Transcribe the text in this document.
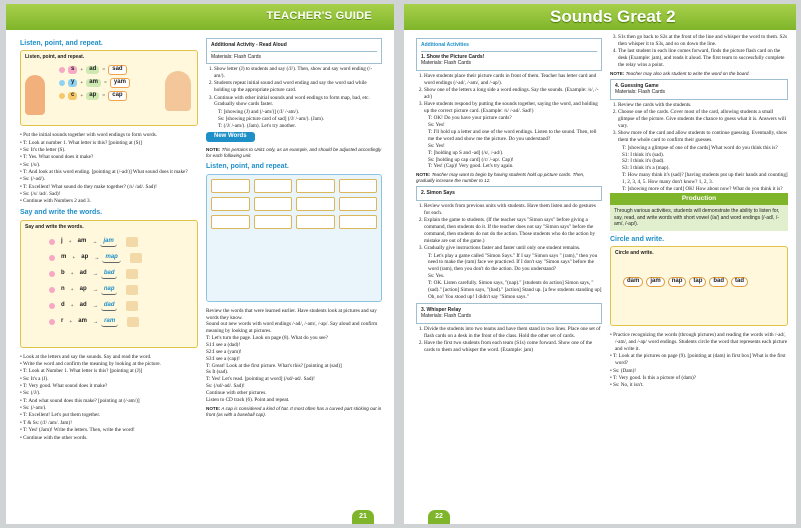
TEACHER'S GUIDE
Listen, point, and repeat.
Listen, point, and repeat.
s	+	ad	=	sad
y	+	am	=	yam
c	+	ap	=	cap
• Put the initial sounds together with word endings to form words.
• T: Look at number 1. What letter is this? [pointing at (S)]
• Ss: It's the letter (S).
• T: Yes. What sound does it make?
• Ss: (/s/).
• T: And look at this word ending. [pointing at (/-ad/)] What sound does it make?
• Ss: (/-ad/).
• T: Excellent! What sound do they make together? (/s/ /ad/. Sad)!
• Ss: (/s/ /ad/. Sad)!
• Continue with Numbers 2 and 3.
Say and write the words.
Say and write the words.
j	+	am	→	jam
m	+	ap	→	map
b	+	ad	→	bad
n	+	ap	→	nap
d	+	ad	→	dad
r	+	am	→	ram
• Look at the letters and say the sounds. Say and read the word.
• Write the word and confirm the meaning by looking at the picture.
• T: Look at Number 1. What letter is this? [pointing at (J)]
• Ss: It's a (J).
• T: Very good. What sound does it make?
• Ss: (/J/).
• T: And what sound does this make? [pointing at (/-am/)]
• Ss: (/-am/).
• T: Excellent! Let's put them together.
• T & Ss: (/J/ /am/. Jam)!
• T: Yes! (Jam)! Write the letters. Then, write the word!
• Continue with the other words.
Additional Activity - Read Aloud
Materials: Flash Cards
1. Show letter (J) to students and say (/J/). Then, show and say word ending (/-am/).
2. Students repeat initial sound and word ending and say the word sad while holding up the appropriate picture card.
3. Continue with other initial sounds and word endings to form map, bad, etc. Gradually show cards faster.
T: [showing (J) and (/-am/)] (/J/ /-am/).
Ss: [showing picture card of sad] (/J/ /-am/). (Jam).
T: (/J/ /-am/). (Jam). Let's try another.
New Words
NOTE: This pertains to Unit1 only, as an example, and should be adjusted accordingly for each following unit.
Listen, point, and repeat.
Review the words that were learned earlier. Have students look at pictures and say words they know.
Sound out new words with word endings /-ad/, /-am/, /-ap/. Say aloud and confirm meaning by looking at pictures.
T: Let's turn the page. Look on page (8). What do you see?
S1:I see a (dad)!
S2:I see a (yam)!
S3:I see a (cap)!
T: Great! Look at the first picture. What's this? [pointing at (sad)]
Ss It (sad).
T: Yes! Let's read. [pointing at word] (/sd/-ad/. Sad)!
Ss: (/sd/-ad/. Sad)!
Continue with other pictures.
Listen to CD track (6). Point and repeat.
NOTE: A cap is considered a kind of hat. It most often has a curved part sticking out in front (as with a baseball cap).
21
Sounds Great 2
Additional Activities
1. Show the Picture Cards!
Materials: Flash Cards
1. Have students place their picture cards in front of them. Teacher has letter card and word endings (/-ad/, /-am/, and /-ap/).
2. Show one of the letters a long side a word endings. Say the sounds. (Example: /s/, /-ad/)
3. Have students respond by putting the sounds together, saying the word, and holding up the correct picture card. (Example: /s/ /-ad/. Sad!)
T: OK! Do you have your picture cards?
Ss: Yes!
T: I'll hold up a letter and one of the word endings. Listen to the sound. Then, tell me the word and show me the picture. Do you understand?
Ss: Yes!
T: [holding up S and -ad] (/s/, /-ad/).
Ss: [holding up cap card] (/c/ /-ap/. Cap)!
T: Yes! (Cap)! Very good. Let's try again.
NOTE: Teacher may want to begin by having students hold up picture cards. Then, gradually increase the number to 12.
2. Simon Says
1. Review words from previous units with students. Have them listen and do gestures for each.
2. Explain the game to students. (If the teacher says "Simon says" before giving a command, then students do it. If the teacher does not say "Simon says" before the command, then students do not do the action. Those students who do the action by mistake are out of the game.)
3. Gradually give instructions faster and faster until only one student remains.
T: Let's play a game called "Simon Says." If I say "Simon says " (ram)," then you need to make the (ram) face we practiced. If I don't say "Simon says" before the word (ram), then you don't do the action. Do you understand?
Ss: Yes.
T: OK. Listen carefully. Simon says, "(nap)." [students do action] Simon says, "(sad)." [action] Simon says, "(bad)." [action] Stand up. [a few students standing up] Oh, no! You stood up! I didn't say "Simon says."
3. Whisper Relay
Materials: Flash Cards
1. Divide the students into two teams and have them stand in two lines. Place one set of flash cards on a desk in the front of the class. Hold the other set of cards.
2. Have the first two students from each team (S1s) come forward. Show one of the cards to them and whisper the word. (Example: jam)
3. S1s then go back to S2s at the front of the line and whisper the word to them. S2s then whisper it to S3s, and so on down the line.
4. The last student in each line comes forward, finds the picture flash card on the desk (Example: jam), and reads it aloud. The first team to successfully complete the relay wins a point.
NOTE: Teacher may also ask student to write the word on the board.
4. Guessing Game
Materials: Flash Cards
1. Review the cards with the students.
2. Choose one of the cards. Cover most of the card, allowing students a small glimpse of the picture. Give students the chance to guess what it is. Answers will vary.
3. Show more of the card and allow students to continue guessing. Eventually, show them the whole card to confirm their guesses.
T: [showing a glimpse of one of the cards] What word do you think this is?
S1: I think it's (sad).
S2: I think it's (bad).
S3: I think it's a (map).
T: How many think it's (sad)? [having students put up their hands and counting] 1, 2, 3, 4, 5. How many don't know? 1, 2, 3.
T: [showing more of the card] OK! How about now? What do you think it is?
Production
Through various activities, students will demonstrate the ability to listen for, say, read, and write words with short vowel (/a/) and word endings (/-ad/, /-am/, /-ap/).
Circle and write.
Circle and write.
dam	jam	nap	tap	bad	tad
• Practice recognizing the words (through pictures) and reading the words with /-ad/, /-am/, and /-ap/ word endings. Students circle the word that represents each picture and write it.
• T: Look at the pictures on page (9). [pointing at (dam) in first box] What is the first word?
• Ss: (Dam)!
• T: Very good. Is this a picture of (dam)?
• Ss: No, it isn't.
22
